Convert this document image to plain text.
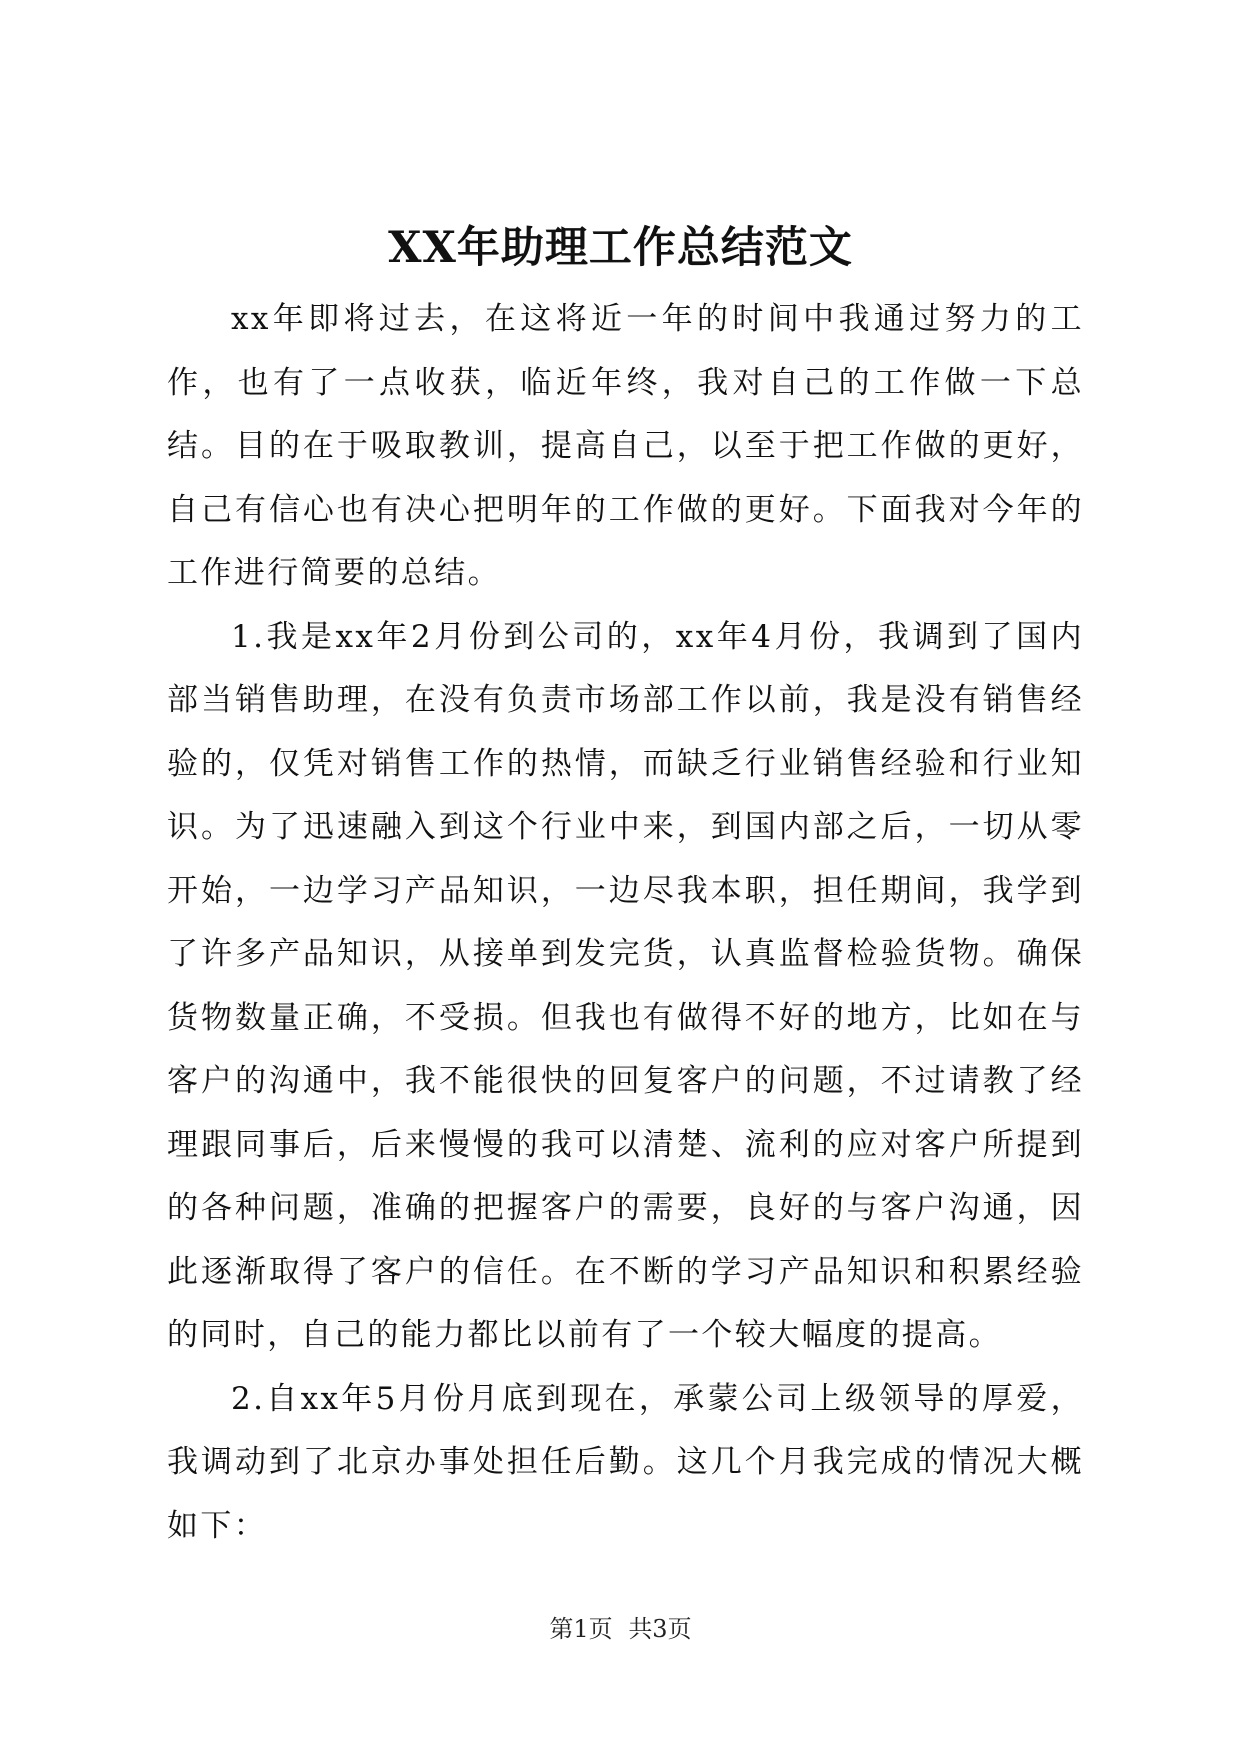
XX年助理工作总结范文

xx年即将过去，在这将近一年的时间中我通过努力的工作，也有了一点收获，临近年终，我对自己的工作做一下总结。目的在于吸取教训，提高自己，以至于把工作做的更好，自己有信心也有决心把明年的工作做的更好。下面我对今年的工作进行简要的总结。

1.我是xx年2月份到公司的，xx年4月份，我调到了国内部当销售助理，在没有负责市场部工作以前，我是没有销售经验的，仅凭对销售工作的热情，而缺乏行业销售经验和行业知识。为了迅速融入到这个行业中来，到国内部之后，一切从零开始，一边学习产品知识，一边尽我本职，担任期间，我学到了许多产品知识，从接单到发完货，认真监督检验货物。确保货物数量正确，不受损。但我也有做得不好的地方，比如在与客户的沟通中，我不能很快的回复客户的问题，不过请教了经理跟同事后，后来慢慢的我可以清楚、流利的应对客户所提到的各种问题，准确的把握客户的需要，良好的与客户沟通，因此逐渐取得了客户的信任。在不断的学习产品知识和积累经验的同时，自己的能力都比以前有了一个较大幅度的提高。

2.自xx年5月份月底到现在，承蒙公司上级领导的厚爱，我调动到了北京办事处担任后勤。这几个月我完成的情况大概如下：

第1页 共3页
